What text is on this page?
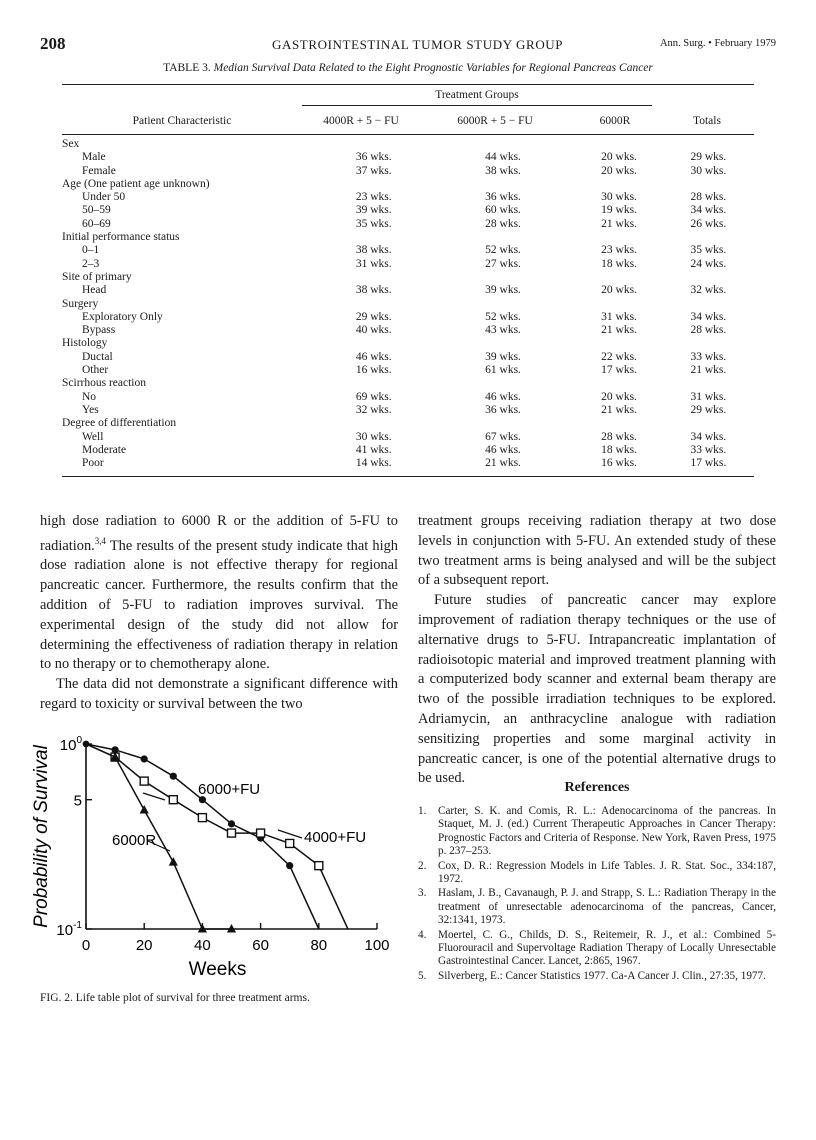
208	GASTROINTESTINAL TUMOR STUDY GROUP	Ann. Surg. • February 1979
TABLE 3. Median Survival Data Related to the Eight Prognostic Variables for Regional Pancreas Cancer
Treatment Groups
Patient Characteristic	4000R + 5 − FU	6000R + 5 − FU	6000R	Totals
Sex				
Male	36 wks.	44 wks.	20 wks.	29 wks.
Female	37 wks.	38 wks.	20 wks.	30 wks.
Age (One patient age unknown)				
Under 50	23 wks.	36 wks.	30 wks.	28 wks.
50–59	39 wks.	60 wks.	19 wks.	34 wks.
60–69	35 wks.	28 wks.	21 wks.	26 wks.
Initial performance status				
0–1	38 wks.	52 wks.	23 wks.	35 wks.
2–3	31 wks.	27 wks.	18 wks.	24 wks.
Site of primary				
Head	38 wks.	39 wks.	20 wks.	32 wks.
Surgery				
Exploratory Only	29 wks.	52 wks.	31 wks.	34 wks.
Bypass	40 wks.	43 wks.	21 wks.	28 wks.
Histology				
Ductal	46 wks.	39 wks.	22 wks.	33 wks.
Other	16 wks.	61 wks.	17 wks.	21 wks.
Scirrhous reaction				
No	69 wks.	46 wks.	20 wks.	31 wks.
Yes	32 wks.	36 wks.	21 wks.	29 wks.
Degree of differentiation				
Well	30 wks.	67 wks.	28 wks.	34 wks.
Moderate	41 wks.	46 wks.	18 wks.	33 wks.
Poor	14 wks.	21 wks.	16 wks.	17 wks.

high dose radiation to 6000 R or the addition of 5-FU to radiation.$^{3,4}$ The results of the present study indicate that high dose radiation alone is not effective therapy for regional pancreatic cancer. Furthermore, the results confirm that the addition of 5-FU to radiation improves survival. The experimental design of the study did not allow for determining the effectiveness of radiation therapy in relation to no therapy or to chemotherapy alone.

The data did not demonstrate a significant difference with regard to toxicity or survival between the two

treatment groups receiving radiation therapy at two dose levels in conjunction with 5-FU. An extended study of these two treatment arms is being analysed and will be the subject of a subsequent report.

Future studies of pancreatic cancer may explore improvement of radiation therapy techniques or the use of alternative drugs to 5-FU. Intrapancreatic implantation of radioisotopic material and improved treatment planning with a computerized body scanner and external beam therapy are two of the possible irradiation techniques to be explored. Adriamycin, an anthracycline analogue with radiation sensitizing properties and some marginal activity in pancreatic cancer, is one of the potential alternative drugs to be used.

References
1. Carter, S. K. and Comis, R. L.: Adenocarcinoma of the pancreas. In Staquet, M. J. (ed.) Current Therapeutic Approaches in Cancer Therapy: Prognostic Factors and Criteria of Response. New York, Raven Press, 1975 p. 237–253.
2. Cox, D. R.: Regression Models in Life Tables. J. R. Stat. Soc., 334:187, 1972.
3. Haslam, J. B., Cavanaugh, P. J. and Strapp, S. L.: Radiation Therapy in the treatment of unresectable adenocarcinoma of the pancreas, Cancer, 32:1341, 1973.
4. Moertel, C. G., Childs, D. S., Reitemeir, R. J., et al.: Combined 5-Fluorouracil and Supervoltage Radiation Therapy of Locally Unresectable Gastrointestinal Cancer. Lancet, 2:865, 1967.
5. Silverberg, E.: Cancer Statistics 1977. Ca-A Cancer J. Clin., 27:35, 1977.
0	20	40	60	80 100
$10^0$
5
$10^{-1}$
6000+FU
4000+FU
6000R
Weeks
Probability of Survival
FIG. 2. Life table plot of survival for three treatment arms.
